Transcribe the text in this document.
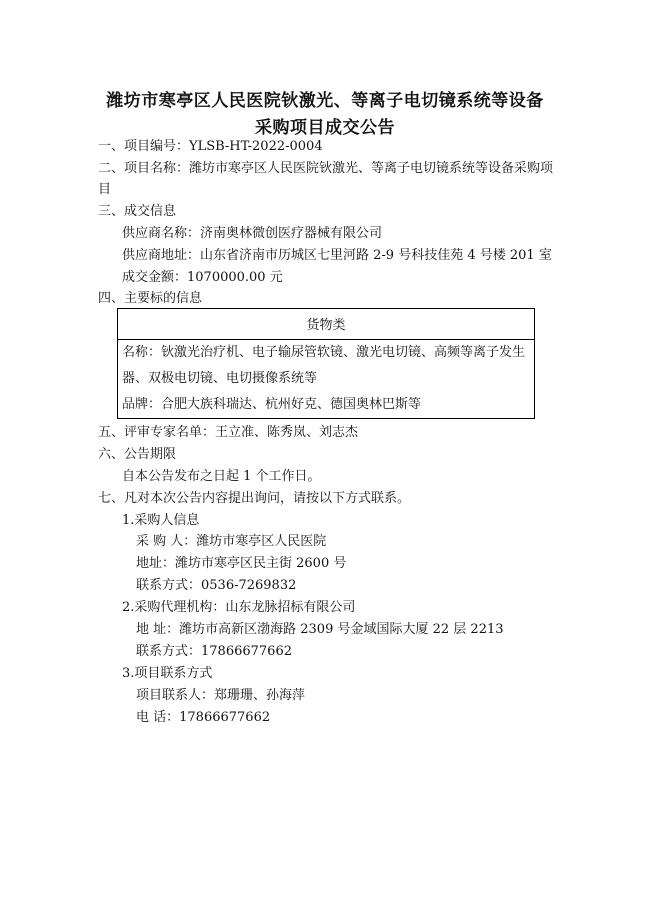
潍坊市寒亭区人民医院钬激光、等离子电切镜系统等设备
采购项目成交公告
一、项目编号：YLSB-HT-2022-0004
二、项目名称：潍坊市寒亭区人民医院钬激光、等离子电切镜系统等设备采购项
目
三、成交信息
供应商名称：济南奥林微创医疗器械有限公司
供应商地址：山东省济南市历城区七里河路 2-9 号科技佳苑 4 号楼 201 室
成交金额：1070000.00 元
四、主要标的信息
货物类
名称：钬激光治疗机、电子输尿管软镜、激光电切镜、高频等离子发生
器、双极电切镜、电切摄像系统等
品牌：合肥大族科瑞达、杭州好克、德国奥林巴斯等
五、评审专家名单：王立准、陈秀岚、刘志杰
六、公告期限
自本公告发布之日起 1 个工作日。
七、凡对本次公告内容提出询问，请按以下方式联系。
1.采购人信息
采 购 人：潍坊市寒亭区人民医院
地址：潍坊市寒亭区民主街 2600 号
联系方式：0536-7269832
2.采购代理机构：山东龙脉招标有限公司
地 址：潍坊市高新区渤海路 2309 号金域国际大厦 22 层 2213
联系方式：17866677662
3.项目联系方式
项目联系人：郑珊珊、孙海萍
电 话：17866677662
